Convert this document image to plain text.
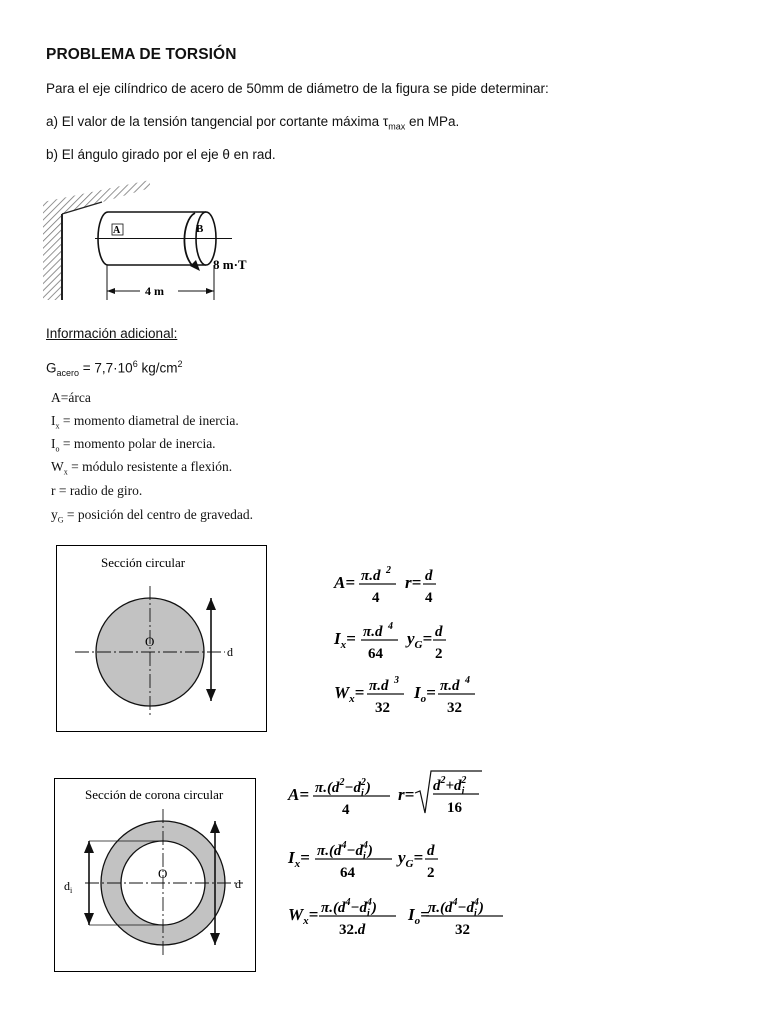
PROBLEMA DE TORSIÓN
Para el eje cilíndrico de acero de 50mm de diámetro de la figura se pide determinar:
a) El valor de la tensión tangencial por cortante máxima $\tau_{max}$ en MPa.
b) El ángulo girado por el eje θ en rad.
A	B
8 m·T
4 m
Información adicional:
$G_{acero} = 7,7\cdot 10^6$ $kg/cm^2$
A=árca
$I_x$ = momento diametral de inercia.
$I_o$ = momento polar de inercia.
$W_x$ = módulo resistente a flexión.
r = radio de giro.
$y_G$ = posición del centro de gravedad.
Sección circular
O
d
A= π.d 2
4
r= d
4
$I_x= \pi.d$ 4
64
$y_G= d$
2
$W_x= \pi.d$ 3
32
$I_o= \pi.d$ 4
32
Sección de corona circular
O
$d_i$	d
$A= \pi.(d^2-d_i2)$
4
$r= d^2+d_i2$
16
$I_x= \pi.(d^4-d_i4)$
64
$y_G= d$
2
$W_x= \pi.(d^4-d_i4)$
32.d
$I_o=$
$\pi.(d^4-d_i4)$
32
